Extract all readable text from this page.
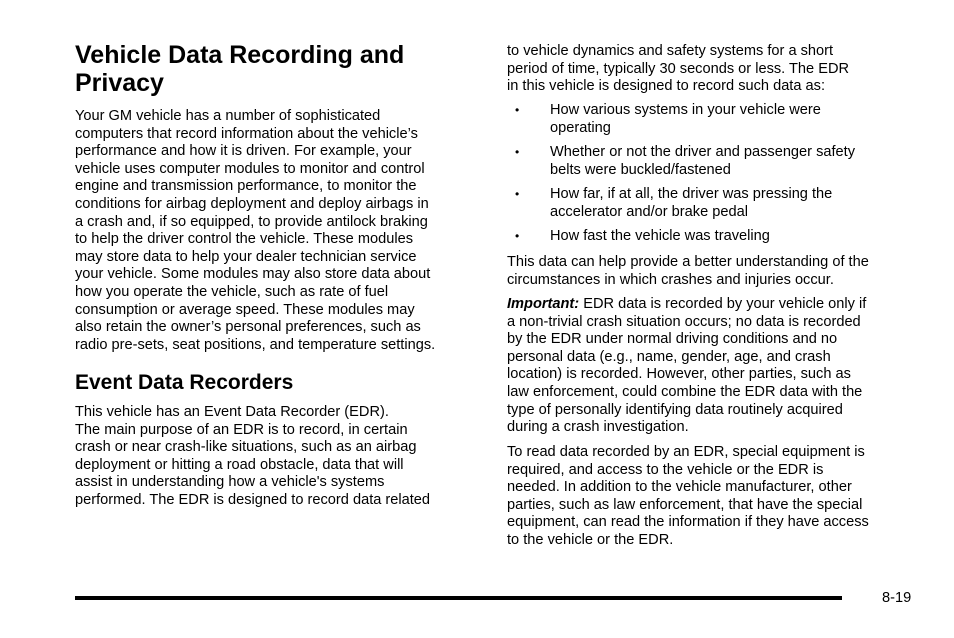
Vehicle Data Recording and
Privacy
Your GM vehicle has a number of sophisticated
computers that record information about the vehicle’s
performance and how it is driven. For example, your
vehicle uses computer modules to monitor and control
engine and transmission performance, to monitor the
conditions for airbag deployment and deploy airbags in
a crash and, if so equipped, to provide antilock braking
to help the driver control the vehicle. These modules
may store data to help your dealer technician service
your vehicle. Some modules may also store data about
how you operate the vehicle, such as rate of fuel
consumption or average speed. These modules may
also retain the owner’s personal preferences, such as
radio pre-sets, seat positions, and temperature settings.
Event Data Recorders
This vehicle has an Event Data Recorder (EDR).
The main purpose of an EDR is to record, in certain
crash or near crash-like situations, such as an airbag
deployment or hitting a road obstacle, data that will
assist in understanding how a vehicle's systems
performed. The EDR is designed to record data related
to vehicle dynamics and safety systems for a short
period of time, typically 30 seconds or less. The EDR
in this vehicle is designed to record such data as:
• How various systems in your vehicle were
operating
• Whether or not the driver and passenger safety
belts were buckled/fastened
• How far, if at all, the driver was pressing the
accelerator and/or brake pedal
• How fast the vehicle was traveling
This data can help provide a better understanding of the
circumstances in which crashes and injuries occur.
Important: EDR data is recorded by your vehicle only if
a non-trivial crash situation occurs; no data is recorded
by the EDR under normal driving conditions and no
personal data (e.g., name, gender, age, and crash
location) is recorded. However, other parties, such as
law enforcement, could combine the EDR data with the
type of personally identifying data routinely acquired
during a crash investigation.
To read data recorded by an EDR, special equipment is
required, and access to the vehicle or the EDR is
needed. In addition to the vehicle manufacturer, other
parties, such as law enforcement, that have the special
equipment, can read the information if they have access
to the vehicle or the EDR.
8-19
